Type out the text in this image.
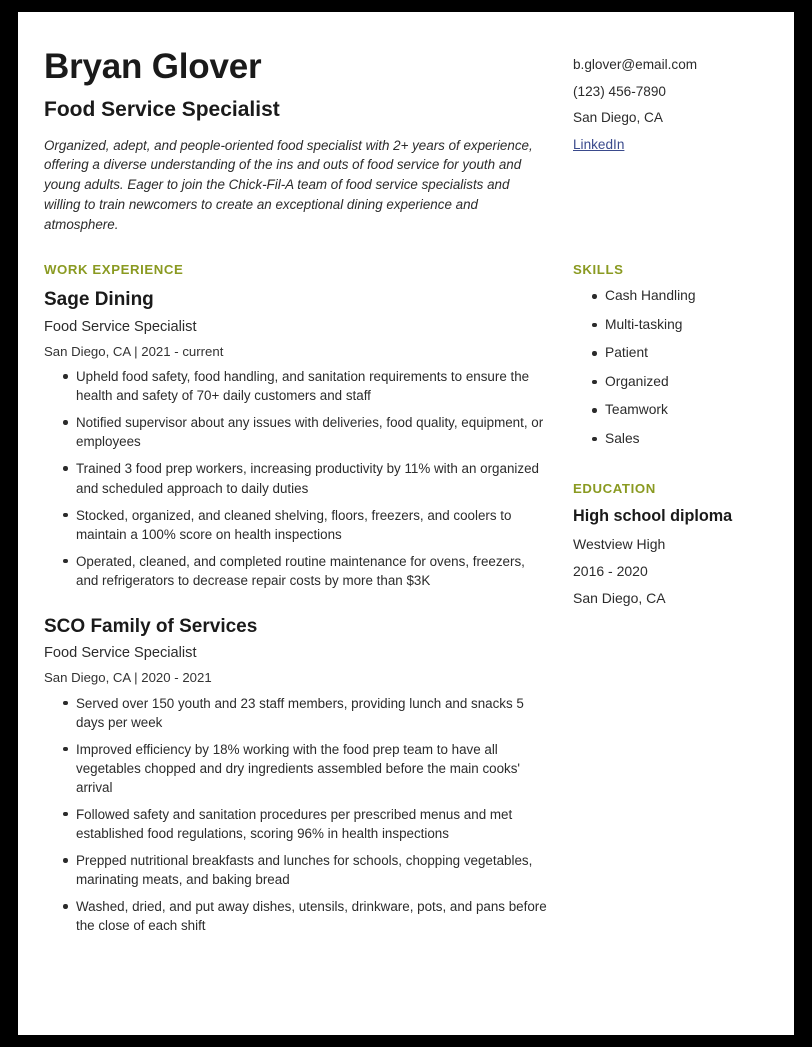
Bryan Glover
Food Service Specialist

Organized, adept, and people-oriented food specialist with 2+ years of experience, offering a diverse understanding of the ins and outs of food service for youth and young adults. Eager to join the Chick-Fil-A team of food service specialists and willing to train newcomers to create an exceptional dining experience and atmosphere.

b.glover@email.com
(123) 456-7890
San Diego, CA
LinkedIn
WORK EXPERIENCE
Sage Dining
Food Service Specialist
San Diego, CA | 2021 - current
Upheld food safety, food handling, and sanitation requirements to ensure the health and safety of 70+ daily customers and staff
Notified supervisor about any issues with deliveries, food quality, equipment, or employees
Trained 3 food prep workers, increasing productivity by 11% with an organized and scheduled approach to daily duties
Stocked, organized, and cleaned shelving, floors, freezers, and coolers to maintain a 100% score on health inspections
Operated, cleaned, and completed routine maintenance for ovens, freezers, and refrigerators to decrease repair costs by more than $3K
SCO Family of Services
Food Service Specialist
San Diego, CA | 2020 - 2021
Served over 150 youth and 23 staff members, providing lunch and snacks 5 days per week
Improved efficiency by 18% working with the food prep team to have all vegetables chopped and dry ingredients assembled before the main cooks' arrival
Followed safety and sanitation procedures per prescribed menus and met established food regulations, scoring 96% in health inspections
Prepped nutritional breakfasts and lunches for schools, chopping vegetables, marinating meats, and baking bread
Washed, dried, and put away dishes, utensils, drinkware, pots, and pans before the close of each shift
SKILLS
Cash Handling
Multi-tasking
Patient
Organized
Teamwork
Sales
EDUCATION
High school diploma
Westview High
2016 - 2020
San Diego, CA
